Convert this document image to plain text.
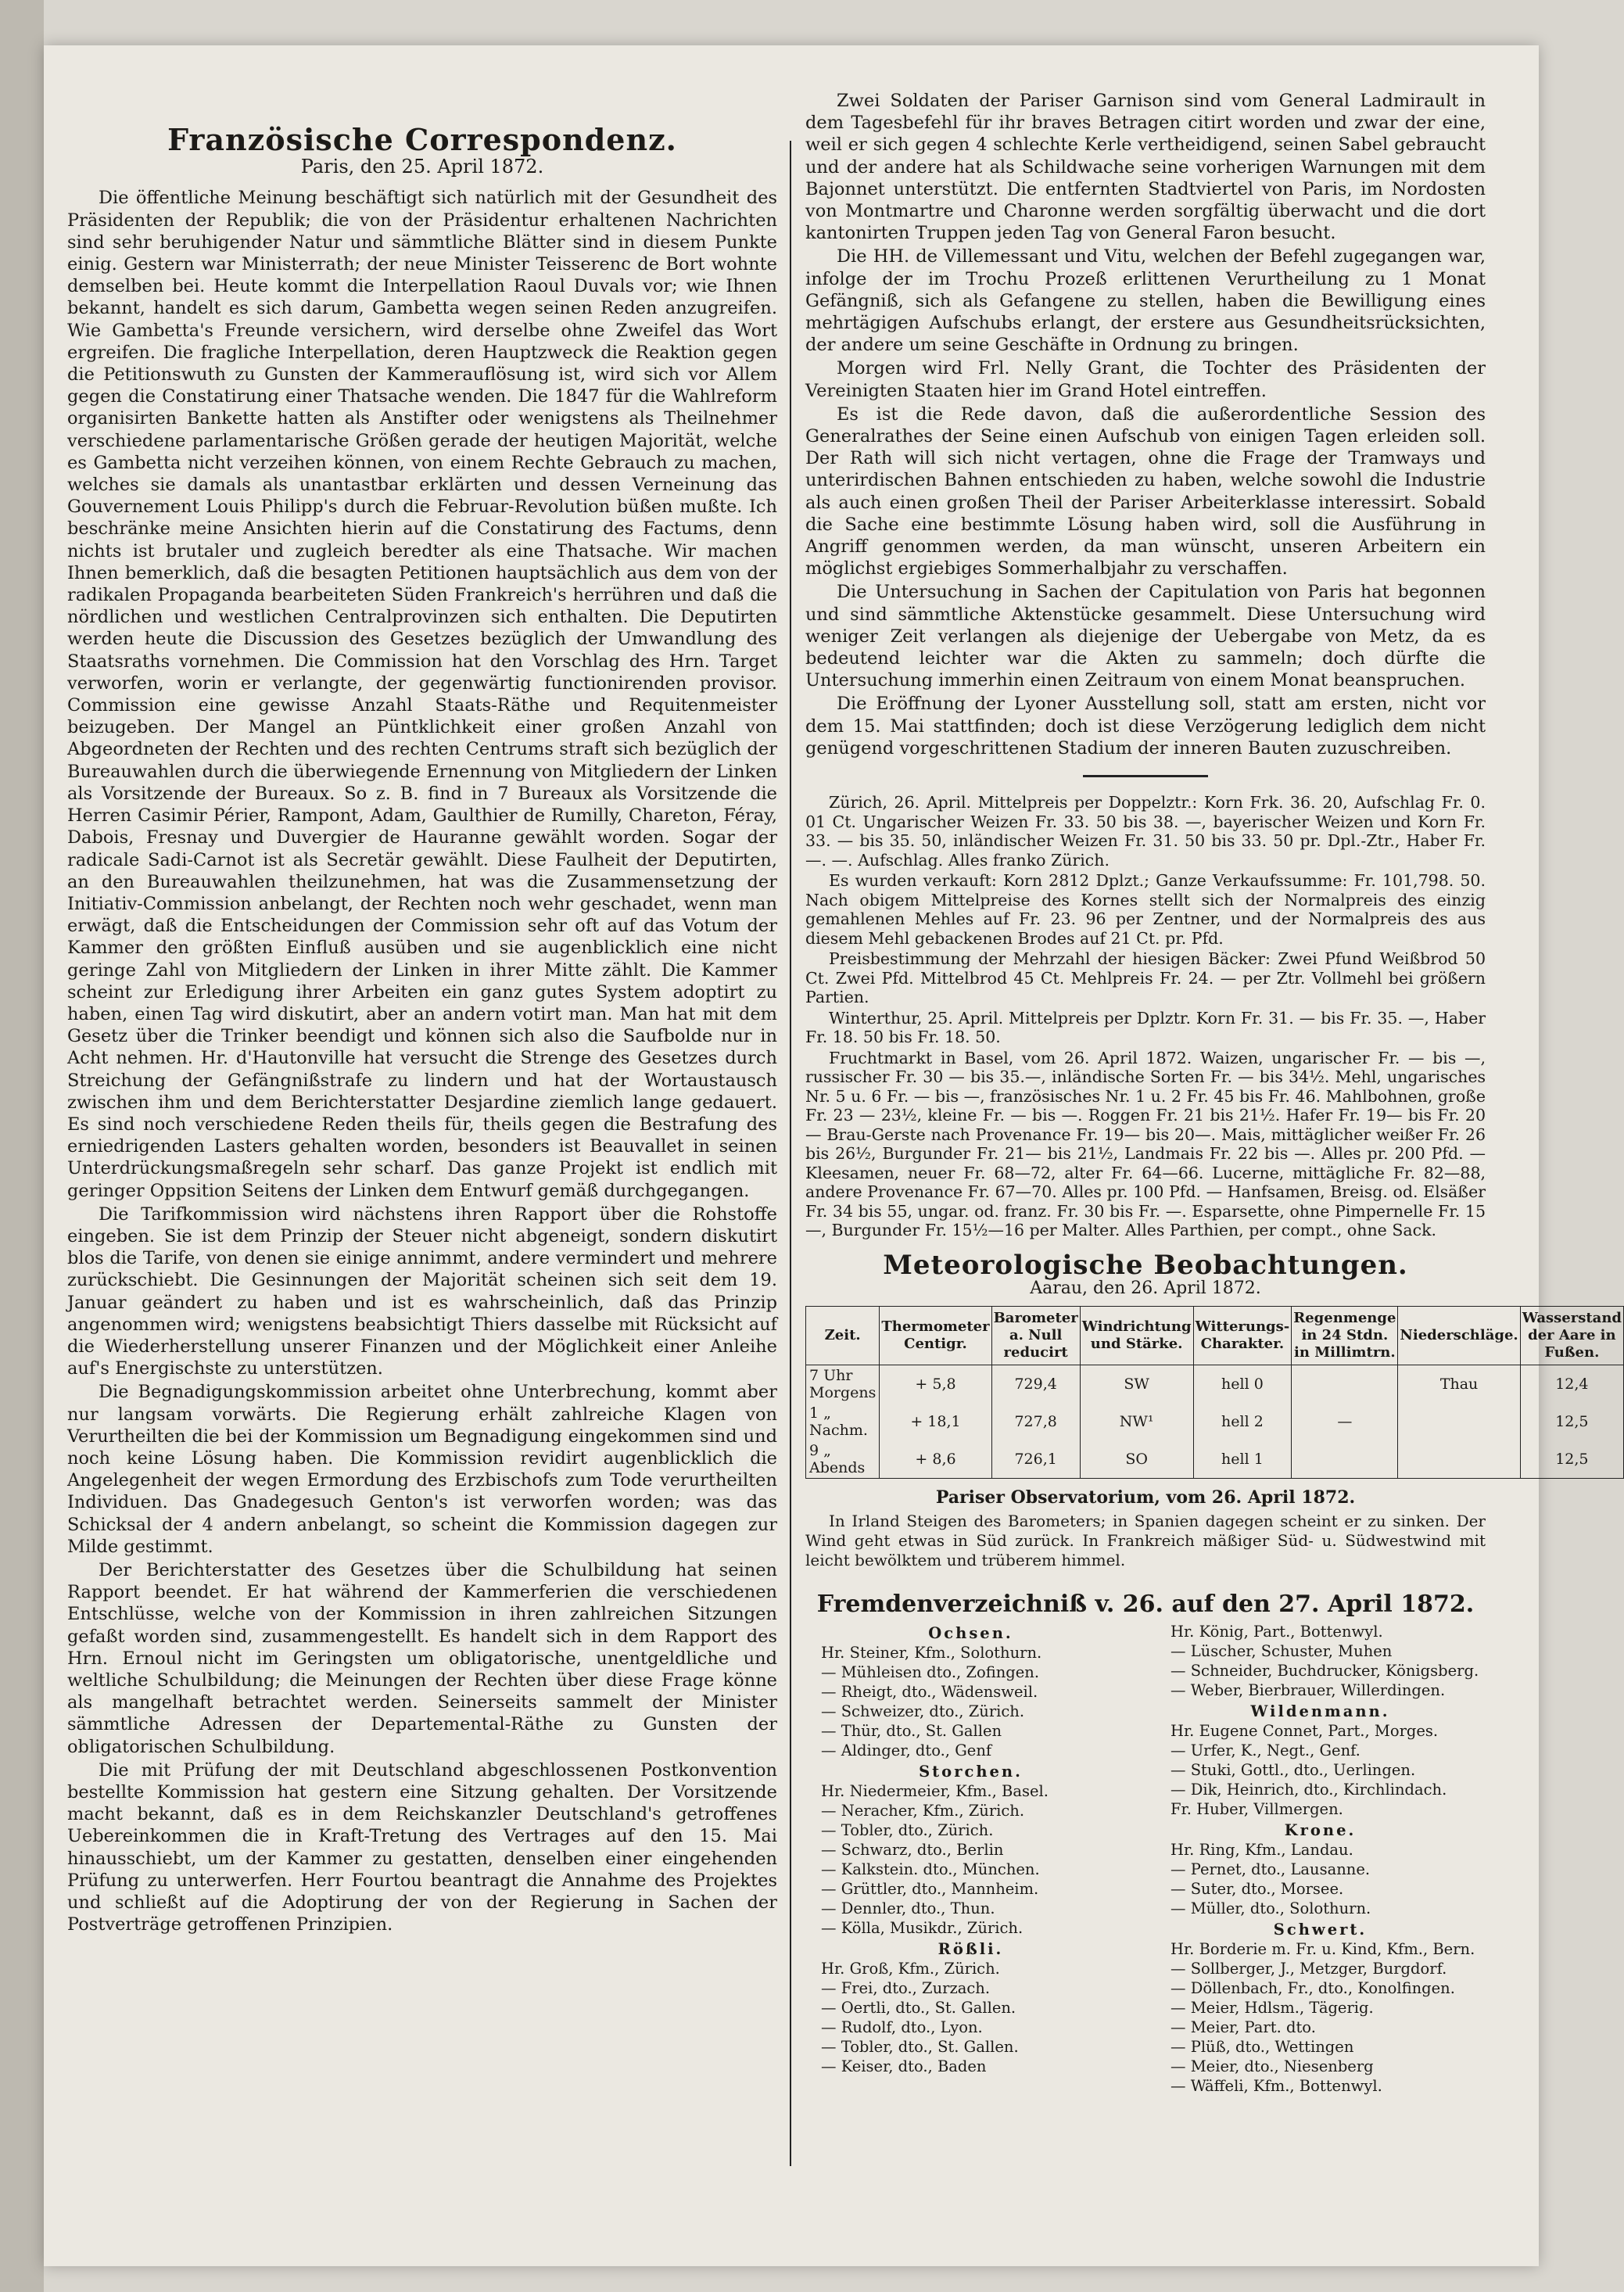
Französische Correspondenz.
Paris, den 25. April 1872.

Die öffentliche Meinung beschäftigt sich natürlich mit der Gesundheit des Präsidenten der Republik; die von der Präsidentur erhaltenen Nachrichten sind sehr beruhigender Natur und sämmtliche Blätter sind in diesem Punkte einig. Gestern war Ministerrath; der neue Minister Teisserenc de Bort wohnte demselben bei. Heute kommt die Interpellation Raoul Duvals vor; wie Ihnen bekannt, handelt es sich darum, Gambetta wegen seinen Reden anzugreifen. Wie Gambetta's Freunde versichern, wird derselbe ohne Zweifel das Wort ergreifen. Die fragliche Interpellation, deren Hauptzweck die Reaktion gegen die Petitionswuth zu Gunsten der Kammerauflösung ist, wird sich vor Allem gegen die Constatirung einer Thatsache wenden. Die 1847 für die Wahlreform organisirten Bankette hatten als Anstifter oder wenigstens als Theilnehmer verschiedene parlamentarische Größen gerade der heutigen Majorität, welche es Gambetta nicht verzeihen können, von einem Rechte Gebrauch zu machen, welches sie damals als unantastbar erklärten und dessen Verneinung das Gouvernement Louis Philipp's durch die Februar-Revolution büßen mußte. Ich beschränke meine Ansichten hierin auf die Constatirung des Factums, denn nichts ist brutaler und zugleich beredter als eine Thatsache. Wir machen Ihnen bemerklich, daß die besagten Petitionen hauptsächlich aus dem von der radikalen Propaganda bearbeiteten Süden Frankreich's herrühren und daß die nördlichen und westlichen Centralprovinzen sich enthalten. Die Deputirten werden heute die Discussion des Gesetzes bezüglich der Umwandlung des Staatsraths vornehmen. Die Commission hat den Vorschlag des Hrn. Target verworfen, worin er verlangte, der gegenwärtig functionirenden provisor. Commission eine gewisse Anzahl Staats-Räthe und Requitenmeister beizugeben. Der Mangel an Püntklichkeit einer großen Anzahl von Abgeordneten der Rechten und des rechten Centrums straft sich bezüglich der Bureauwahlen durch die überwiegende Ernennung von Mitgliedern der Linken als Vorsitzende der Bureaux. So z. B. find in 7 Bureaux als Vorsitzende die Herren Casimir Périer, Rampont, Adam, Gaulthier de Rumilly, Chareton, Féray, Dabois, Fresnay und Duvergier de Hauranne gewählt worden. Sogar der radicale Sadi-Carnot ist als Secretär gewählt. Diese Faulheit der Deputirten, an den Bureauwahlen theilzunehmen, hat was die Zusammensetzung der Initiativ-Commission anbelangt, der Rechten noch wehr geschadet, wenn man erwägt, daß die Entscheidungen der Commission sehr oft auf das Votum der Kammer den größten Einfluß ausüben und sie augenblicklich eine nicht geringe Zahl von Mitgliedern der Linken in ihrer Mitte zählt. Die Kammer scheint zur Erledigung ihrer Arbeiten ein ganz gutes System adoptirt zu haben, einen Tag wird diskutirt, aber an andern votirt man. Man hat mit dem Gesetz über die Trinker beendigt und können sich also die Saufbolde nur in Acht nehmen. Hr. d'Hautonville hat versucht die Strenge des Gesetzes durch Streichung der Gefängnißstrafe zu lindern und hat der Wortaustausch zwischen ihm und dem Berichterstatter Desjardine ziemlich lange gedauert. Es sind noch verschiedene Reden theils für, theils gegen die Bestrafung des erniedrigenden Lasters gehalten worden, besonders ist Beauvallet in seinen Unterdrückungsmaßregeln sehr scharf. Das ganze Projekt ist endlich mit geringer Oppsition Seitens der Linken dem Entwurf gemäß durchgegangen.

Die Tarifkommission wird nächstens ihren Rapport über die Rohstoffe eingeben. Sie ist dem Prinzip der Steuer nicht abgeneigt, sondern diskutirt blos die Tarife, von denen sie einige annimmt, andere vermindert und mehrere zurückschiebt. Die Gesinnungen der Majorität scheinen sich seit dem 19. Januar geändert zu haben und ist es wahrscheinlich, daß das Prinzip angenommen wird; wenigstens beabsichtigt Thiers dasselbe mit Rücksicht auf die Wiederherstellung unserer Finanzen und der Möglichkeit einer Anleihe auf's Energischste zu unterstützen.

Die Begnadigungskommission arbeitet ohne Unterbrechung, kommt aber nur langsam vorwärts. Die Regierung erhält zahlreiche Klagen von Verurtheilten die bei der Kommission um Begnadigung eingekommen sind und noch keine Lösung haben. Die Kommission revidirt augenblicklich die Angelegenheit der wegen Ermordung des Erzbischofs zum Tode verurtheilten Individuen. Das Gnadegesuch Genton's ist verworfen worden; was das Schicksal der 4 andern anbelangt, so scheint die Kommission dagegen zur Milde gestimmt.

Der Berichterstatter des Gesetzes über die Schulbildung hat seinen Rapport beendet. Er hat während der Kammerferien die verschiedenen Entschlüsse, welche von der Kommission in ihren zahlreichen Sitzungen gefaßt worden sind, zusammengestellt. Es handelt sich in dem Rapport des Hrn. Ernoul nicht im Geringsten um obligatorische, unentgeldliche und weltliche Schulbildung; die Meinungen der Rechten über diese Frage könne als mangelhaft betrachtet werden. Seinerseits sammelt der Minister sämmtliche Adressen der Departemental-Räthe zu Gunsten der obligatorischen Schulbildung.

Die mit Prüfung der mit Deutschland abgeschlossenen Postkonvention bestellte Kommission hat gestern eine Sitzung gehalten. Der Vorsitzende macht bekannt, daß es in dem Reichskanzler Deutschland's getroffenes Uebereinkommen die in Kraft-Tretung des Vertrages auf den 15. Mai hinausschiebt, um der Kammer zu gestatten, denselben einer eingehenden Prüfung zu unterwerfen. Herr Fourtou beantragt die Annahme des Projektes und schließt auf die Adoptirung der von der Regierung in Sachen der Postverträge getroffenen Prinzipien.

Zwei Soldaten der Pariser Garnison sind vom General Ladmirault in dem Tagesbefehl für ihr braves Betragen citirt worden und zwar der eine, weil er sich gegen 4 schlechte Kerle vertheidigend, seinen Sabel gebraucht und der andere hat als Schildwache seine vorherigen Warnungen mit dem Bajonnet unterstützt. Die entfernten Stadtviertel von Paris, im Nordosten von Montmartre und Charonne werden sorgfältig überwacht und die dort kantonirten Truppen jeden Tag von General Faron besucht.

Die HH. de Villemessant und Vitu, welchen der Befehl zugegangen war, infolge der im Trochu Prozeß erlittenen Verurtheilung zu 1 Monat Gefängniß, sich als Gefangene zu stellen, haben die Bewilligung eines mehrtägigen Aufschubs erlangt, der erstere aus Gesundheitsrücksichten, der andere um seine Geschäfte in Ordnung zu bringen.

Morgen wird Frl. Nelly Grant, die Tochter des Präsidenten der Vereinigten Staaten hier im Grand Hotel eintreffen.

Es ist die Rede davon, daß die außerordentliche Session des Generalrathes der Seine einen Aufschub von einigen Tagen erleiden soll. Der Rath will sich nicht vertagen, ohne die Frage der Tramways und unterirdischen Bahnen entschieden zu haben, welche sowohl die Industrie als auch einen großen Theil der Pariser Arbeiterklasse interessirt. Sobald die Sache eine bestimmte Lösung haben wird, soll die Ausführung in Angriff genommen werden, da man wünscht, unseren Arbeitern ein möglichst ergiebiges Sommerhalbjahr zu verschaffen.

Die Untersuchung in Sachen der Capitulation von Paris hat begonnen und sind sämmtliche Aktenstücke gesammelt. Diese Untersuchung wird weniger Zeit verlangen als diejenige der Uebergabe von Metz, da es bedeutend leichter war die Akten zu sammeln; doch dürfte die Untersuchung immerhin einen Zeitraum von einem Monat beanspruchen.

Die Eröffnung der Lyoner Ausstellung soll, statt am ersten, nicht vor dem 15. Mai stattfinden; doch ist diese Verzögerung lediglich dem nicht genügend vorgeschrittenen Stadium der inneren Bauten zuzuschreiben.

Zürich, 26. April. Mittelpreis per Doppelztr.: Korn Frk. 36. 20, Aufschlag Fr. 0. 01 Ct. Ungarischer Weizen Fr. 33. 50 bis 38. —, bayerischer Weizen und Korn Fr. 33. — bis 35. 50, inländischer Weizen Fr. 31. 50 bis 33. 50 pr. Dpl.-Ztr., Haber Fr. —. —. Aufschlag. Alles franko Zürich.

Es wurden verkauft: Korn 2812 Dplzt.; Ganze Verkaufssumme: Fr. 101,798. 50. Nach obigem Mittelpreise des Kornes stellt sich der Normalpreis des einzig gemahlenen Mehles auf Fr. 23. 96 per Zentner, und der Normalpreis des aus diesem Mehl gebackenen Brodes auf 21 Ct. pr. Pfd.

Preisbestimmung der Mehrzahl der hiesigen Bäcker: Zwei Pfund Weißbrod 50 Ct. Zwei Pfd. Mittelbrod 45 Ct. Mehlpreis Fr. 24. — per Ztr. Vollmehl bei größern Partien.

Winterthur, 25. April. Mittelpreis per Dplztr. Korn Fr. 31. — bis Fr. 35. —, Haber Fr. 18. 50 bis Fr. 18. 50.

Fruchtmarkt in Basel, vom 26. April 1872. Waizen, ungarischer Fr. — bis —, russischer Fr. 30 — bis 35.—, inländische Sorten Fr. — bis 34½. Mehl, ungarisches Nr. 5 u. 6 Fr. — bis —, französisches Nr. 1 u. 2 Fr. 45 bis Fr. 46. Mahlbohnen, große Fr. 23 — 23½, kleine Fr. — bis —. Roggen Fr. 21 bis 21½. Hafer Fr. 19— bis Fr. 20— Brau-Gerste nach Provenance Fr. 19— bis 20—. Mais, mittäglicher weißer Fr. 26 bis 26½, Burgunder Fr. 21— bis 21½, Landmais Fr. 22 bis —. Alles pr. 200 Pfd. — Kleesamen, neuer Fr. 68—72, alter Fr. 64—66. Lucerne, mittägliche Fr. 82—88, andere Provenance Fr. 67—70. Alles pr. 100 Pfd. — Hanfsamen, Breisg. od. Elsäßer Fr. 34 bis 55, ungar. od. franz. Fr. 30 bis Fr. —. Esparsette, ohne Pimpernelle Fr. 15 —, Burgunder Fr. 15½—16 per Malter. Alles Parthien, per compt., ohne Sack.

Meteorologische Beobachtungen.
Aarau, den 26. April 1872.
Zeit.	Thermometer Centigr.	Barometer a. Null reducirt	Windrichtung und Stärke.	Witterungs-Charakter.	Regenmenge in 24 Stdn. in Millimtrn.	Niederschläge.	Wasserstand der Aare in Fußen.
7 Uhr Morgens	+ 5,8	729,4	SW	hell 0		Thau	12,4
1 „ Nachm.	+ 18,1	727,8	NW¹	hell 2	—		12,5
9 „ Abends	+ 8,6	726,1	SO	hell 1			12,5
Pariser Observatorium, vom 26. April 1872.

In Irland Steigen des Barometers; in Spanien dagegen scheint er zu sinken. Der Wind geht etwas in Süd zurück. In Frankreich mäßiger Süd- u. Südwestwind mit leicht bewölktem und trüberem himmel.

Fremdenverzeichniß v. 26. auf den 27. April 1872.
Ochsen.
Hr. Steiner, Kfm., Solothurn.
— Mühleisen dto., Zofingen.
— Rheigt, dto., Wädensweil.
— Schweizer, dto., Zürich.
— Thür, dto., St. Gallen
— Aldinger, dto., Genf
Storchen.
Hr. Niedermeier, Kfm., Basel.
— Neracher, Kfm., Zürich.
— Tobler, dto., Zürich.
— Schwarz, dto., Berlin
— Kalkstein. dto., München.
— Grüttler, dto., Mannheim.
— Dennler, dto., Thun.
— Kölla, Musikdr., Zürich.
Rößli.
Hr. Groß, Kfm., Zürich.
— Frei, dto., Zurzach.
— Oertli, dto., St. Gallen.
— Rudolf, dto., Lyon.
— Tobler, dto., St. Gallen.
— Keiser, dto., Baden
Hr. König, Part., Bottenwyl.
— Lüscher, Schuster, Muhen
— Schneider, Buchdrucker, Königsberg.
— Weber, Bierbrauer, Willerdingen.
Wildenmann.
Hr. Eugene Connet, Part., Morges.
— Urfer, K., Negt., Genf.
— Stuki, Gottl., dto., Uerlingen.
— Dik, Heinrich, dto., Kirchlindach.
Fr. Huber, Villmergen.
Krone.
Hr. Ring, Kfm., Landau.
— Pernet, dto., Lausanne.
— Suter, dto., Morsee.
— Müller, dto., Solothurn.
Schwert.
Hr. Borderie m. Fr. u. Kind, Kfm., Bern.
— Sollberger, J., Metzger, Burgdorf.
— Döllenbach, Fr., dto., Konolfingen.
— Meier, Hdlsm., Tägerig.
— Meier, Part. dto.
— Plüß, dto., Wettingen
— Meier, dto., Niesenberg
— Wäffeli, Kfm., Bottenwyl.
